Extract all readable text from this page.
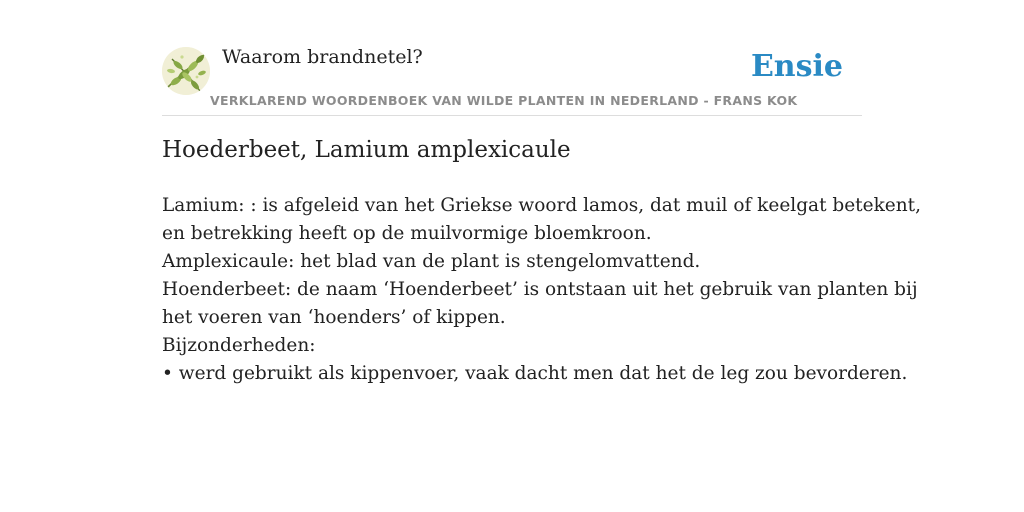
Waarom brandnetel?	Ensie
VERKLAREND WOORDENBOEK VAN WILDE PLANTEN IN NEDERLAND - FRANS KOK
Hoederbeet, Lamium amplexicaule
Lamium: : is afgeleid van het Griekse woord lamos, dat muil of keelgat betekent,
en betrekking heeft op de muilvormige bloemkroon.
Amplexicaule: het blad van de plant is stengelomvattend.
Hoenderbeet: de naam ‘Hoenderbeet’ is ontstaan uit het gebruik van planten bij
het voeren van ‘hoenders’ of kippen.
Bijzonderheden:
• werd gebruikt als kippenvoer, vaak dacht men dat het de leg zou bevorderen.
